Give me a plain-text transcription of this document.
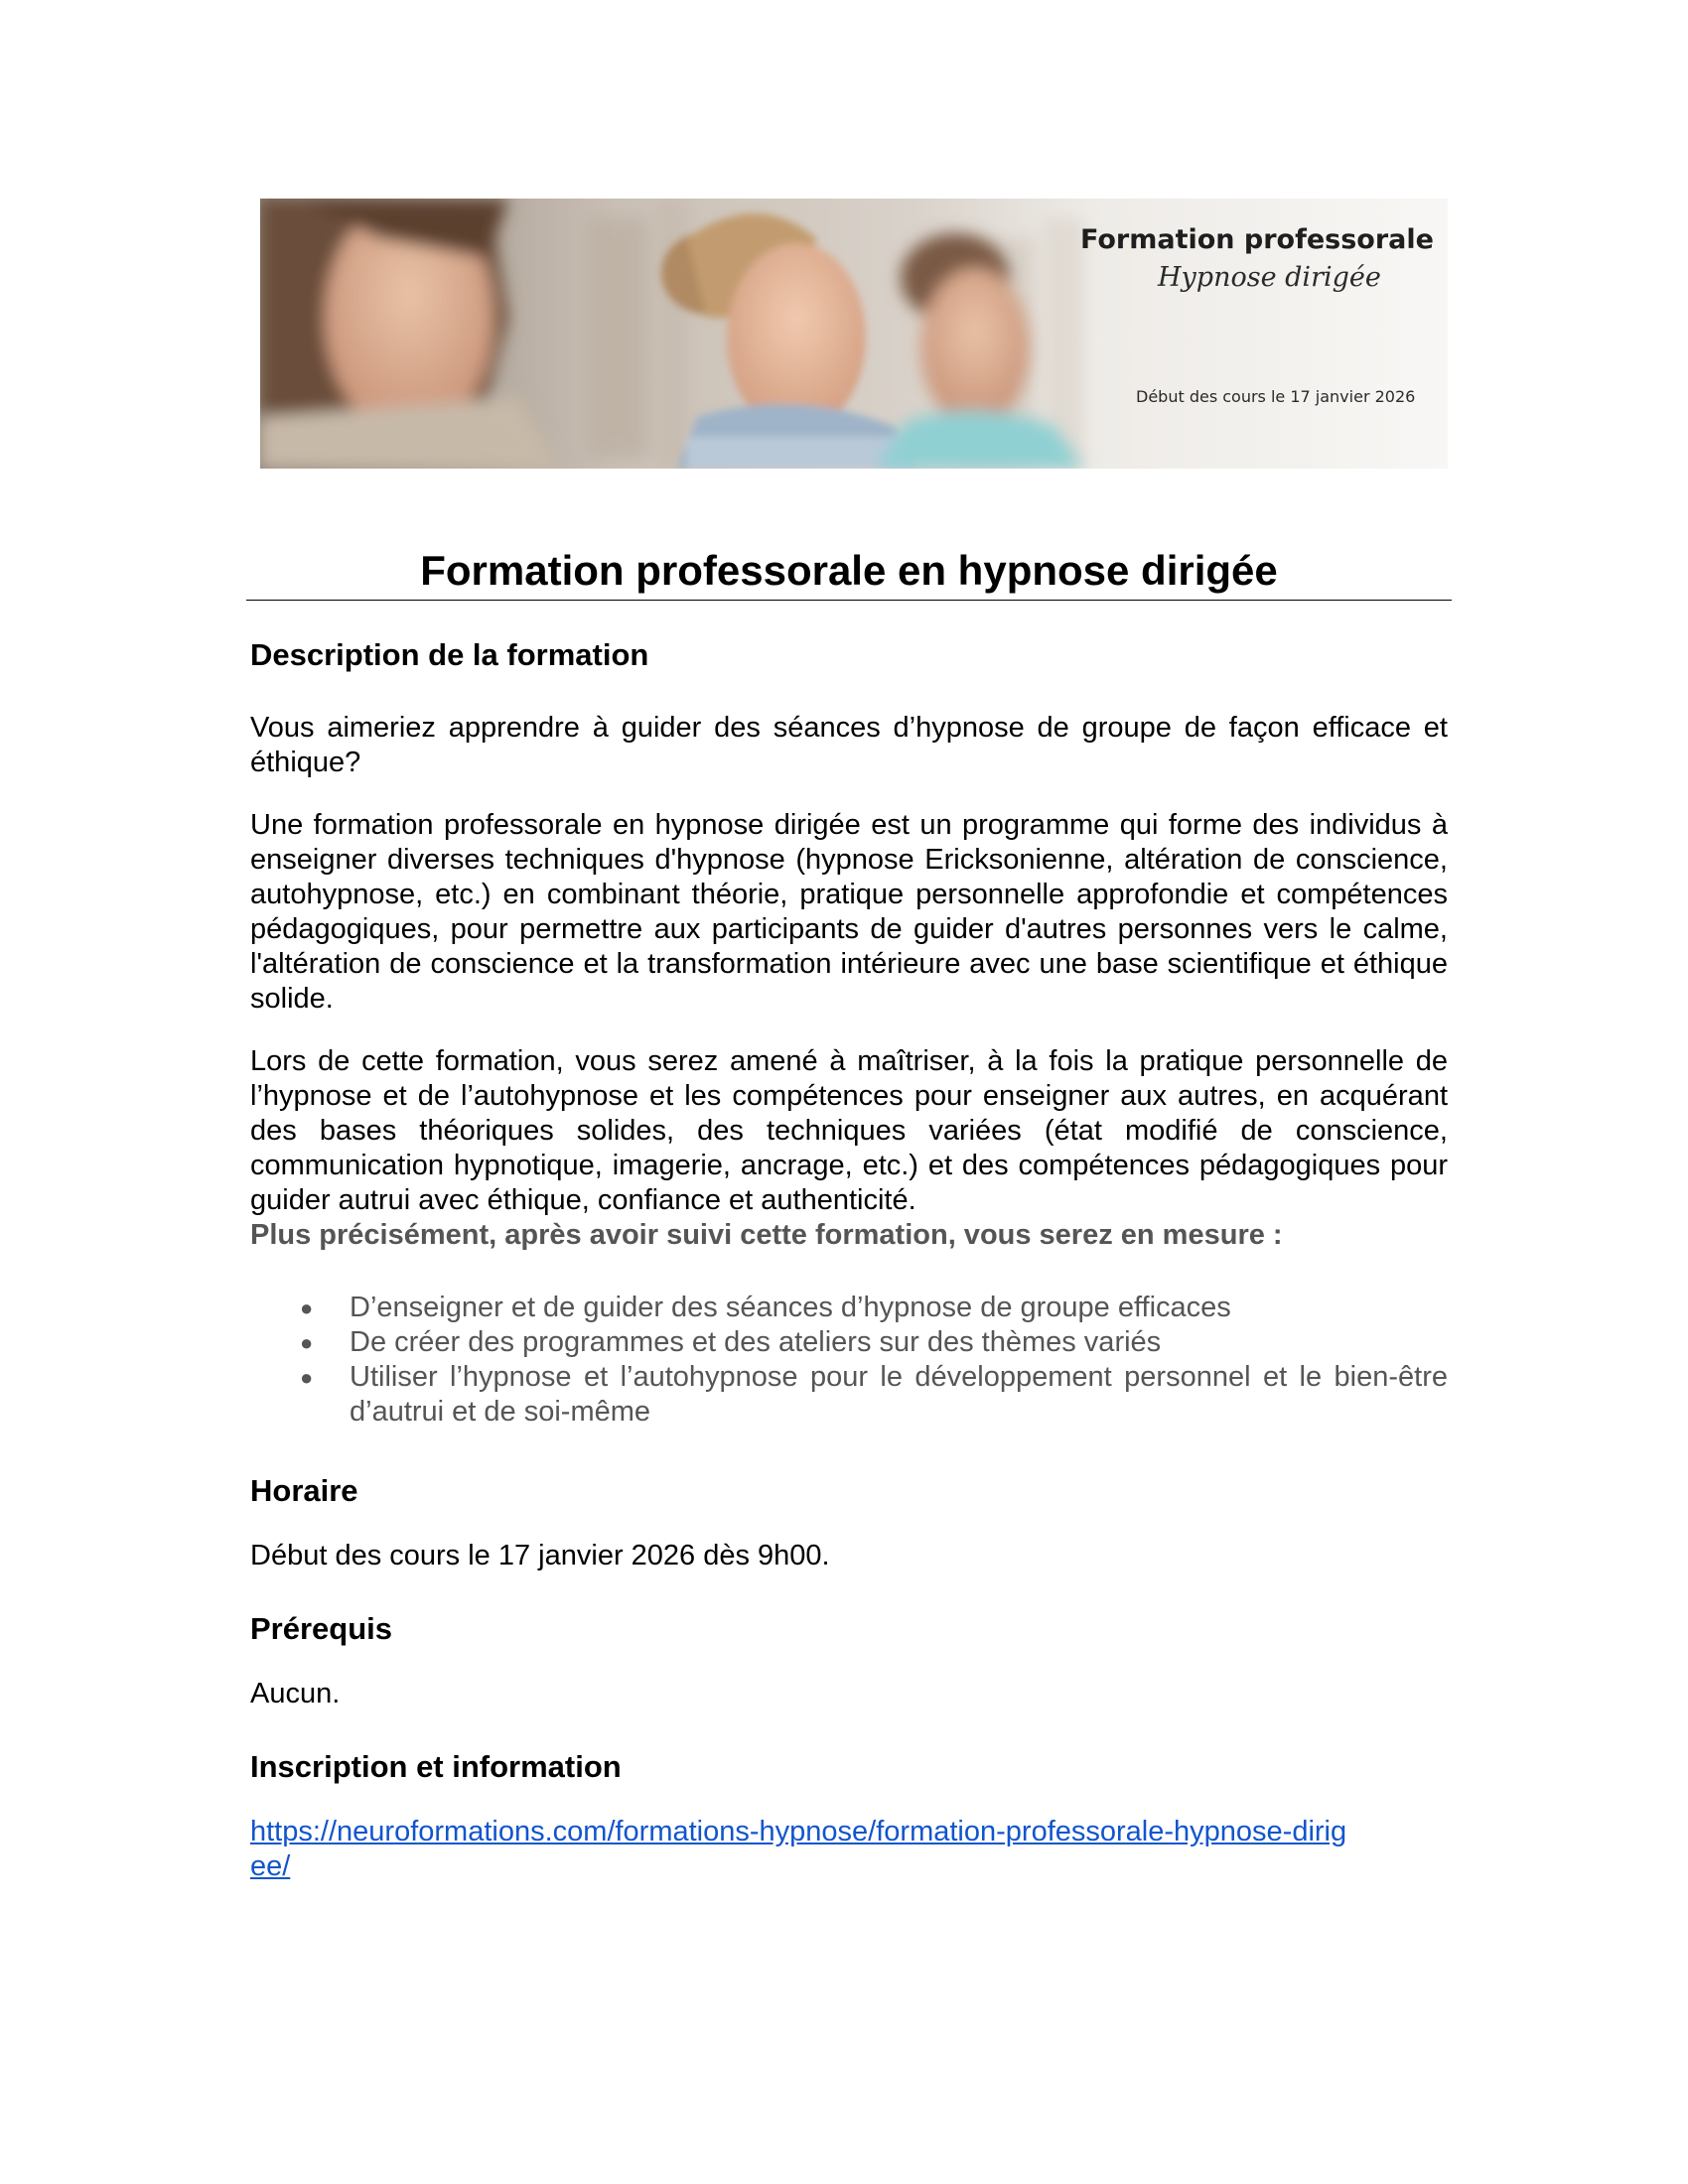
Formation professorale
Hypnose dirigée
Début des cours le 17 janvier 2026
Formation professorale en hypnose dirigée
Description de la formation

Vous aimeriez apprendre à guider des séances d’hypnose de groupe de façon efficace et éthique?

Une formation professorale en hypnose dirigée est un programme qui forme des individus à enseigner diverses techniques d'hypnose (hypnose Ericksonienne, altération de conscience, autohypnose, etc.) en combinant théorie, pratique personnelle approfondie et compétences pédagogiques, pour permettre aux participants de guider d'autres personnes vers le calme, l'altération de conscience et la transformation intérieure avec une base scientifique et éthique solide.

Lors de cette formation, vous serez amené à maîtriser, à la fois la pratique personnelle de l’hypnose et de l’autohypnose et les compétences pour enseigner aux autres, en acquérant des bases théoriques solides, des techniques variées (état modifié de conscience, communication hypnotique, imagerie, ancrage, etc.) et des compétences pédagogiques pour guider autrui avec éthique, confiance et authenticité.

Plus précisément, après avoir suivi cette formation, vous serez en mesure :

● D’enseigner et de guider des séances d’hypnose de groupe efficaces
● De créer des programmes et des ateliers sur des thèmes variés
● Utiliser l’hypnose et l’autohypnose pour le développement personnel et le bien-être d’autrui et de soi-même
Horaire

Début des cours le 17 janvier 2026 dès 9h00.

Prérequis

Aucun.

Inscription et information
https://neuroformations.com/formations-hypnose/formation-professorale-hypnose-dirigee/
